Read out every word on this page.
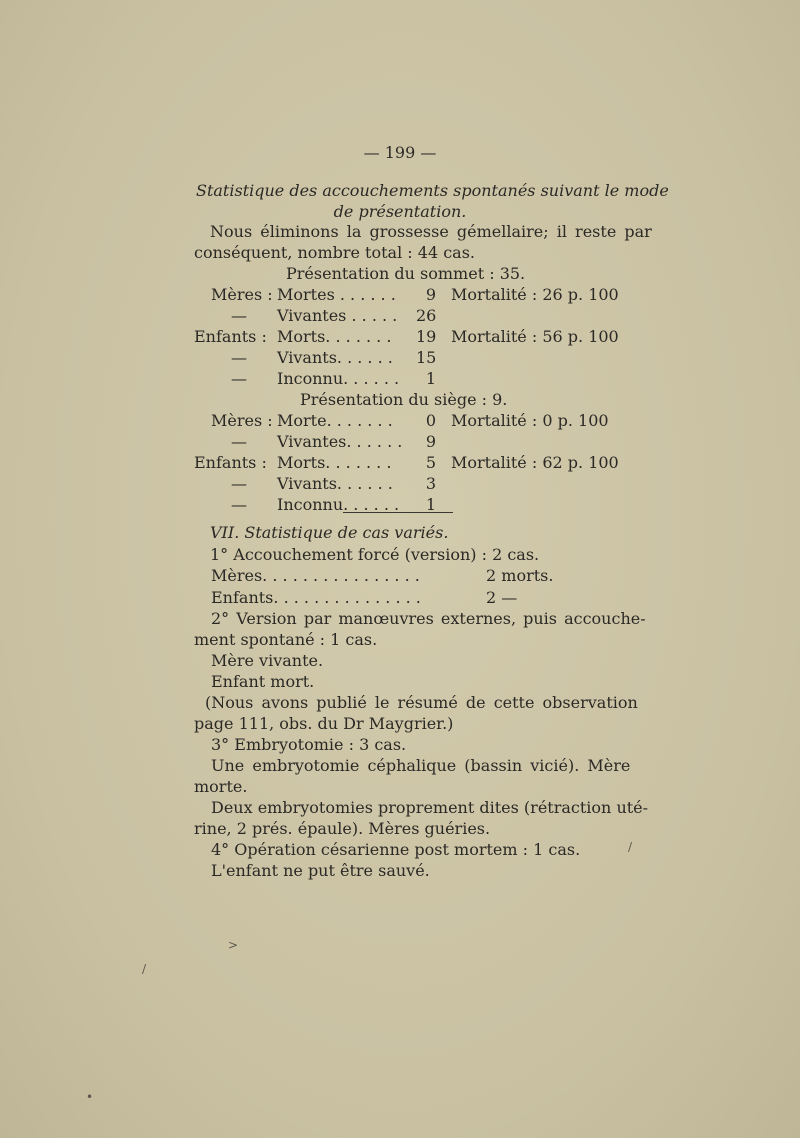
— 199 —
Statistique des accouchements spontanés suivant le mode
de présentation.
Nous éliminons la grossesse gémellaire; il reste par
conséquent, nombre total : 44 cas.
Présentation du sommet : 35.
Mères : Mortes . . . . . .	9 Mortalité : 26 p. 100
— Vivantes . . . . . 26
Enfants : Morts. . . . . . . 19 Mortalité : 56 p. 100
— Vivants. . . . . . 15
— Inconnu. . . . . .	1
Présentation du siège : 9.
Mères : Morte. . . . . . .	0 Mortalité : 0 p. 100
— Vivantes. . . . . .	9
Enfants : Morts. . . . . . .	5 Mortalité : 62 p. 100
— Vivants. . . . . .	3
— Inconnu. . . . . .	1
VII. Statistique de cas variés.
1° Accouchement forcé (version) : 2 cas.
Mères. . . . . . . . . . . . . . . .	2 morts.
Enfants. . . . . . . . . . . . . . .	2 —
2° Version par manœuvres externes, puis accouche-
ment spontané : 1 cas.
Mère vivante.
Enfant mort.
(Nous avons publié le résumé de cette observation
page 111, obs. du Dr Maygrier.)
3° Embryotomie : 3 cas.
Une embryotomie céphalique (bassin vicié). Mère
morte.
Deux embryotomies proprement dites (rétraction uté-
rine, 2 prés. épaule). Mères guéries.
4° Opération césarienne post mortem : 1 cas.
L'enfant ne put être sauvé.
>
/
/
•
